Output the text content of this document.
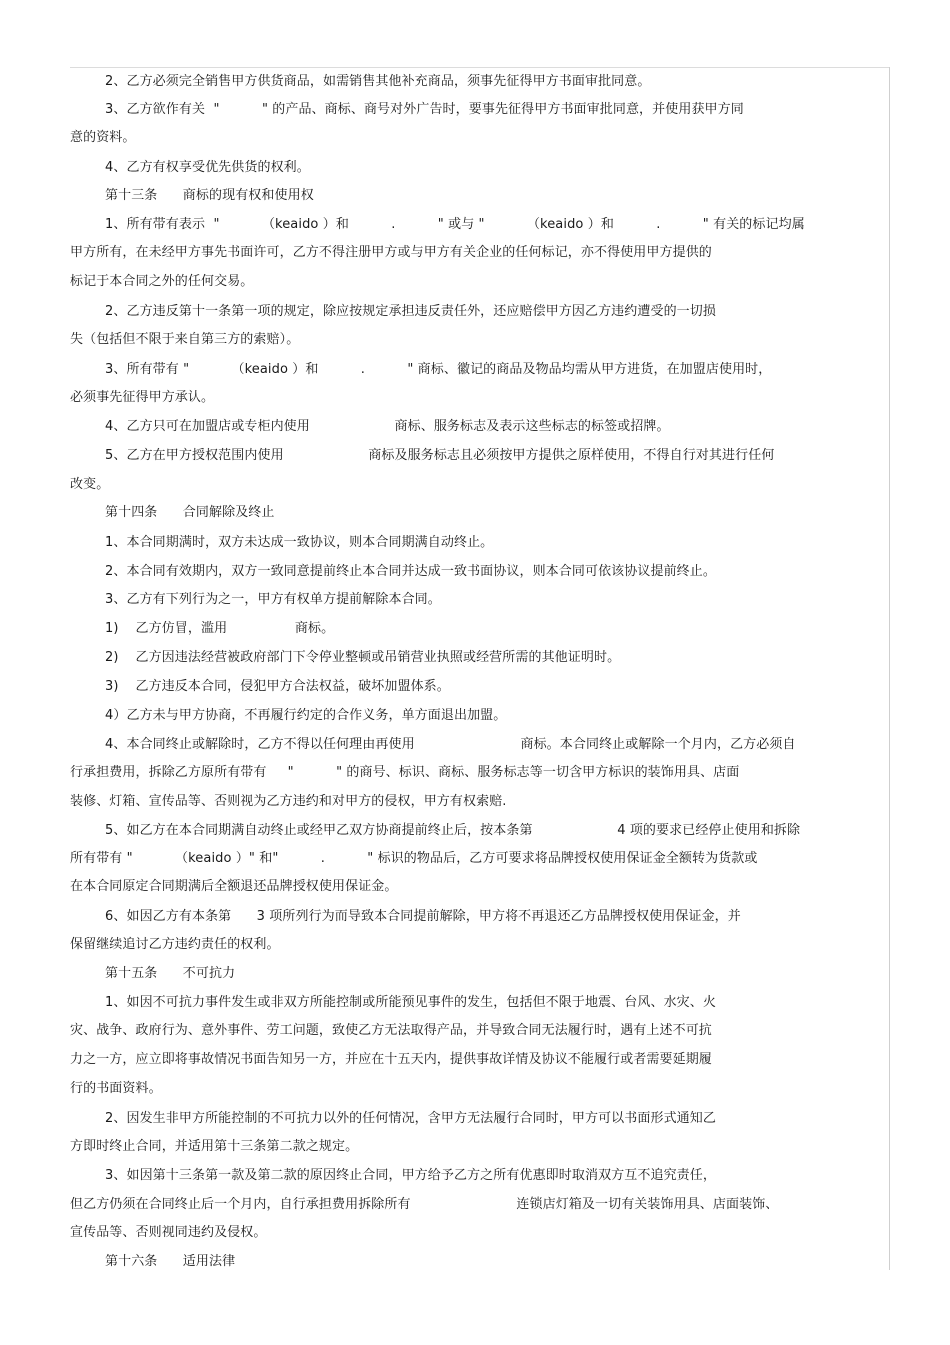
2、乙方必须完全销售甲方供货商品，如需销售其他补充商品，须事先征得甲方书面审批同意。
3、乙方欲作有关  "          " 的产品、商标、商号对外广告时，要事先征得甲方书面审批同意，并使用获甲方同
意的资料。
4、乙方有权享受优先供货的权利。
第十三条      商标的现有权和使用权
1、所有带有表示  "          （keaido ）和          .          " 或与 "          （keaido ）和          .          " 有关的标记均属
甲方所有，在未经甲方事先书面许可，乙方不得注册甲方或与甲方有关企业的任何标记，亦不得使用甲方提供的
标记于本合同之外的任何交易。
2、乙方违反第十一条第一项的规定，除应按规定承担违反责任外，还应赔偿甲方因乙方违约遭受的一切损
失（包括但不限于来自第三方的索赔）。
3、所有带有 "          （keaido ）和          .          " 商标、徽记的商品及物品均需从甲方进货，在加盟店使用时，
必须事先征得甲方承认。
4、乙方只可在加盟店或专柜内使用                    商标、服务标志及表示这些标志的标签或招牌。
5、乙方在甲方授权范围内使用                    商标及服务标志且必须按甲方提供之原样使用，不得自行对其进行任何
改变。
第十四条      合同解除及终止
1、本合同期满时，双方未达成一致协议，则本合同期满自动终止。
2、本合同有效期内，双方一致同意提前终止本合同并达成一致书面协议，则本合同可依该协议提前终止。
3、乙方有下列行为之一，甲方有权单方提前解除本合同。
1)    乙方仿冒，滥用                商标。
2)    乙方因违法经营被政府部门下令停业整顿或吊销营业执照或经营所需的其他证明时。
3)    乙方违反本合同，侵犯甲方合法权益，破坏加盟体系。
4）乙方未与甲方协商，不再履行约定的合作义务，单方面退出加盟。
4、本合同终止或解除时，乙方不得以任何理由再使用                         商标。本合同终止或解除一个月内，乙方必须自
行承担费用，拆除乙方原所有带有     "          " 的商号、标识、商标、服务标志等一切含甲方标识的装饰用具、店面
装修、灯箱、宣传品等、否则视为乙方违约和对甲方的侵权，甲方有权索赔.
5、如乙方在本合同期满自动终止或经甲乙双方协商提前终止后，按本条第                    4 项的要求已经停止使用和拆除
所有带有 "          （keaido ）" 和"          .          " 标识的物品后，乙方可要求将品牌授权使用保证金全额转为货款或
在本合同原定合同期满后全额退还品牌授权使用保证金。
6、如因乙方有本条第      3 项所列行为而导致本合同提前解除，甲方将不再退还乙方品牌授权使用保证金，并
保留继续追讨乙方违约责任的权利。
第十五条      不可抗力
1、如因不可抗力事件发生或非双方所能控制或所能预见事件的发生，包括但不限于地震、台风、水灾、火
灾、战争、政府行为、意外事件、劳工问题，致使乙方无法取得产品，并导致合同无法履行时，遇有上述不可抗
力之一方，应立即将事故情况书面告知另一方，并应在十五天内，提供事故详情及协议不能履行或者需要延期履
行的书面资料。
2、因发生非甲方所能控制的不可抗力以外的任何情况，含甲方无法履行合同时，甲方可以书面形式通知乙
方即时终止合同，并适用第十三条第二款之规定。
3、如因第十三条第一款及第二款的原因终止合同，甲方给予乙方之所有优惠即时取消双方互不追究责任，
但乙方仍须在合同终止后一个月内，自行承担费用拆除所有                         连锁店灯箱及一切有关装饰用具、店面装饰、
宣传品等、否则视同违约及侵权。
第十六条      适用法律
